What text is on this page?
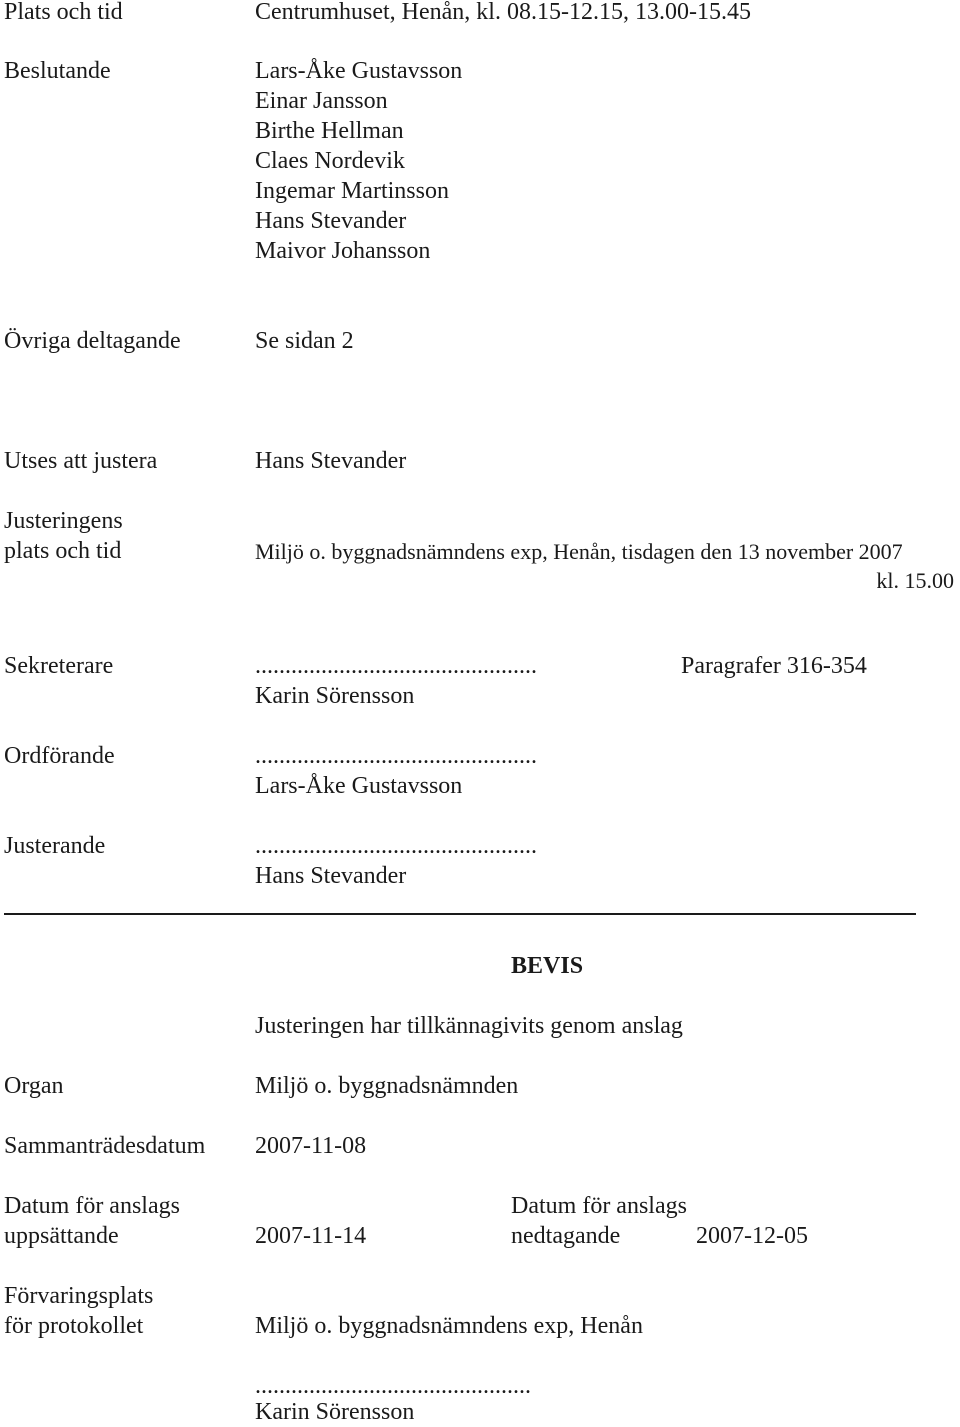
Plats och tid	Centrumhuset, Henån, kl. 08.15-12.15, 13.00-15.45
Beslutande	Lars-Åke Gustavsson
Einar Jansson
Birthe Hellman
Claes Nordevik
Ingemar Martinsson
Hans Stevander
Maivor Johansson
Övriga deltagande	Se sidan 2
Utses att justera	Hans Stevander
Justeringens
plats och tid	Miljö o. byggnadsnämndens exp, Henån, tisdagen den 13 november 2007
kl. 15.00
Sekreterare	...............................................	Paragrafer 316-354
Karin Sörensson
Ordförande	...............................................
Lars-Åke Gustavsson
Justerande	...............................................
Hans Stevander
BEVIS
Justeringen har tillkännagivits genom anslag
Organ	Miljö o. byggnadsnämnden
Sammanträdesdatum 2007-11-08
Datum för anslags
uppsättande	2007-11-14
Datum för anslags
nedtagande	2007-12-05
Förvaringsplats
för protokollet	Miljö o. byggnadsnämndens exp, Henån
..............................................
Karin Sörensson
